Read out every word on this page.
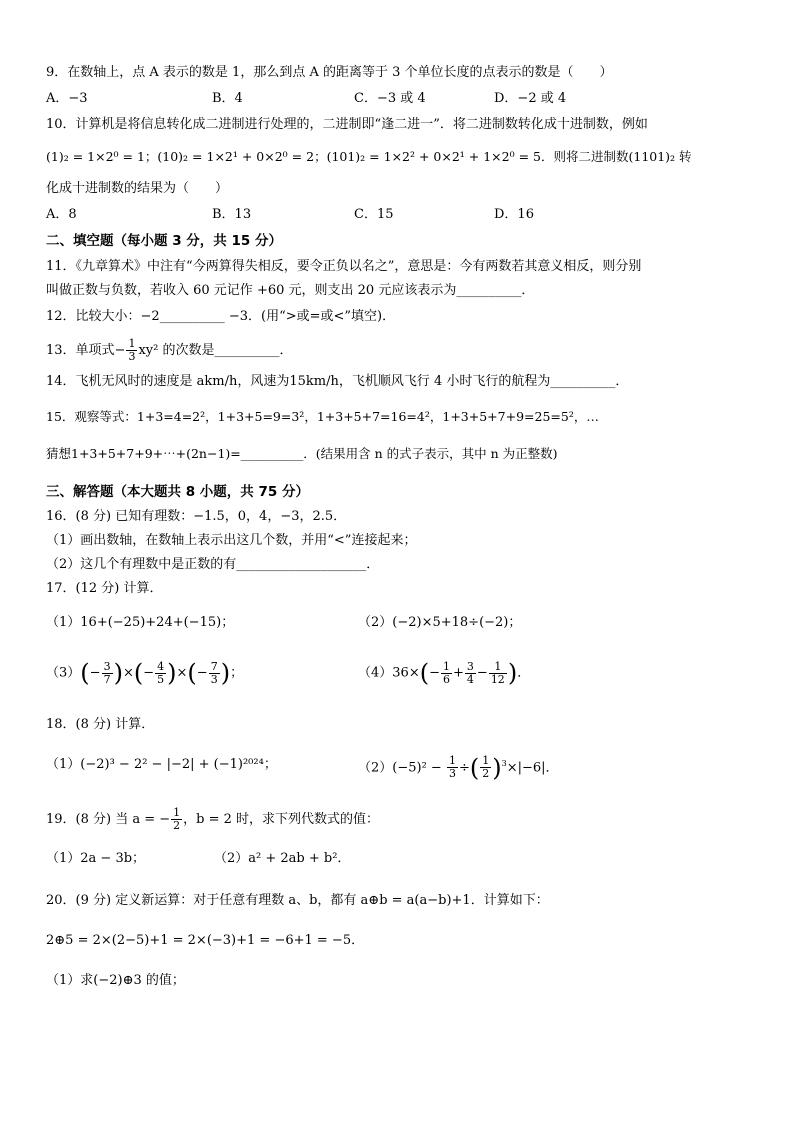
9．在数轴上，点 A 表示的数是 1，那么到点 A 的距离等于 3 个单位长度的点表示的数是（　　）
A．−3	B．4	C．−3 或 4	D．−2 或 4
10．计算机是将信息转化成二进制进行处理的，二进制即“逢二进一”．将二进制数转化成十进制数，例如
(1)₂ = 1×2⁰ = 1；(10)₂ = 1×2¹ + 0×2⁰ = 2；(101)₂ = 1×2² + 0×2¹ + 1×2⁰ = 5．则将二进制数(1101)₂ 转
化成十进制数的结果为（　　）
A．8	B．13	C．15	D．16
二、填空题（每小题 3 分，共 15 分）
11．《九章算术》中注有“今两算得失相反，要令正负以名之”，意思是：今有两数若其意义相反，则分别
叫做正数与负数，若收入 60 元记作 +60 元，则支出 20 元应该表示为__________．
12．比较大小：−2__________ −3．(用“>或=或<”填空)．
13．单项式− $\frac{1}{3} xy^2$ 的次数是__________．
14．飞机无风时的速度是 akm/h，风速为15km/h，飞机顺风飞行 4 小时飞行的航程为__________．
15．观察等式：1+3=4=2²，1+3+5=9=3²，1+3+5+7=16=4²，1+3+5+7+9=25=5²，…
猜想1+3+5+7+9+⋯+(2n−1)=__________．(结果用含 n 的式子表示，其中 n 为正整数)
三、解答题（本大题共 8 小题，共 75 分）
16．(8 分) 已知有理数：−1.5，0，4，−3，2.5．
（1）画出数轴，在数轴上表示出这几个数，并用“<”连接起来；
（2）这几个有理数中是正数的有____________________．
17．(12 分) 计算．
（1）16+(−25)+24+(−15)；	（2）(−2)×5+18÷(−2)；
$(3)(- \frac{3}{7}$ )×(− $\frac{4}{5}$ )×(− $\frac{7}{3}$ )；	$(4)36\times(- \frac{1}{6} + \frac{3}{4} - \frac{1}{12}$ )．
18．(8 分) 计算．
（1）(−2)³ − 2² − |−2| + (−1)²⁰²⁴；	$(2)(-5)^2 - \frac{1}{3}$ ÷( $\frac{1}{2} )^3\times|-6|$．
19．(8 分) 当 a = − $\frac{1}{2}$ ，b = 2 时，求下列代数式的值：
（1）2a − 3b；	（2）a² + 2ab + b²．
20．(9 分) 定义新运算：对于任意有理数 a、b，都有 a⊕b = a(a−b)+1．计算如下：
2⊕5 = 2×(2−5)+1 = 2×(−3)+1 = −6+1 = −5．
（1）求(−2)⊕3 的值；
